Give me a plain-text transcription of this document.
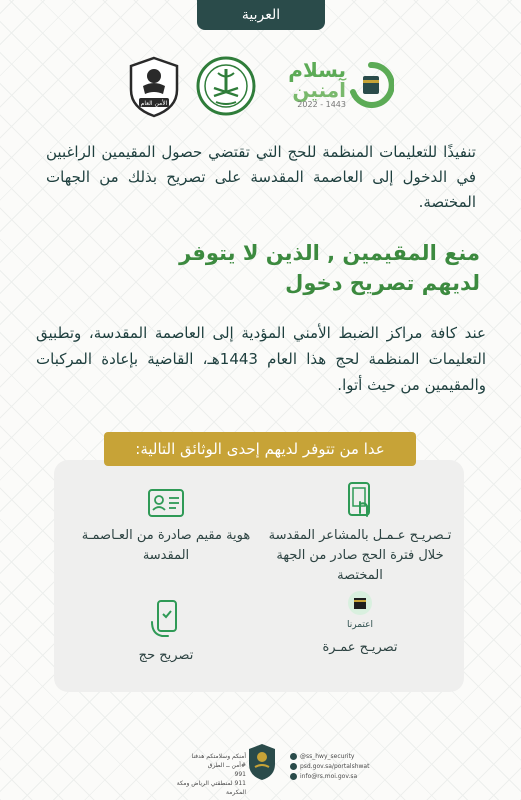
العربية
الأمن العام
بسلام
آمنين
2022 - 1443
تنفيذًا للتعليمات المنظمة للحج التي تقتضي حصول المقيمين الراغبين في الدخول إلى العاصمة المقدسة على تصريح بذلك من الجهات المختصة.
منع المقيمين , الذين لا يتوفر
لديهم تصريح دخول
عند كافة مراكز الضبط الأمني المؤدية إلى العاصمة المقدسة، وتطبيق التعليمات المنظمة لحج هذا العام 1443هـ، القاضية بإعادة المركبات والمقيمين من حيث أتوا.
عدا من تتوفر لديهم إحدى الوثائق التالية:
تـصريـح عـمـل بالمشاعر المقدسة خلال فترة الحج صادر من الجهة المختصة
هوية مقيم صادرة من العـاصمـة المقدسة
اعتمرنا
تصريـح عمـرة
تصريح حج
أمنكم وسلامتكم هدفنا
#أمن ــ الطرق
991
911 لمنطقتي الرياض ومكة المكرمة
@ss_hwy_security
psd.gov.sa/portalshwat
info@rs.moi.gov.sa
